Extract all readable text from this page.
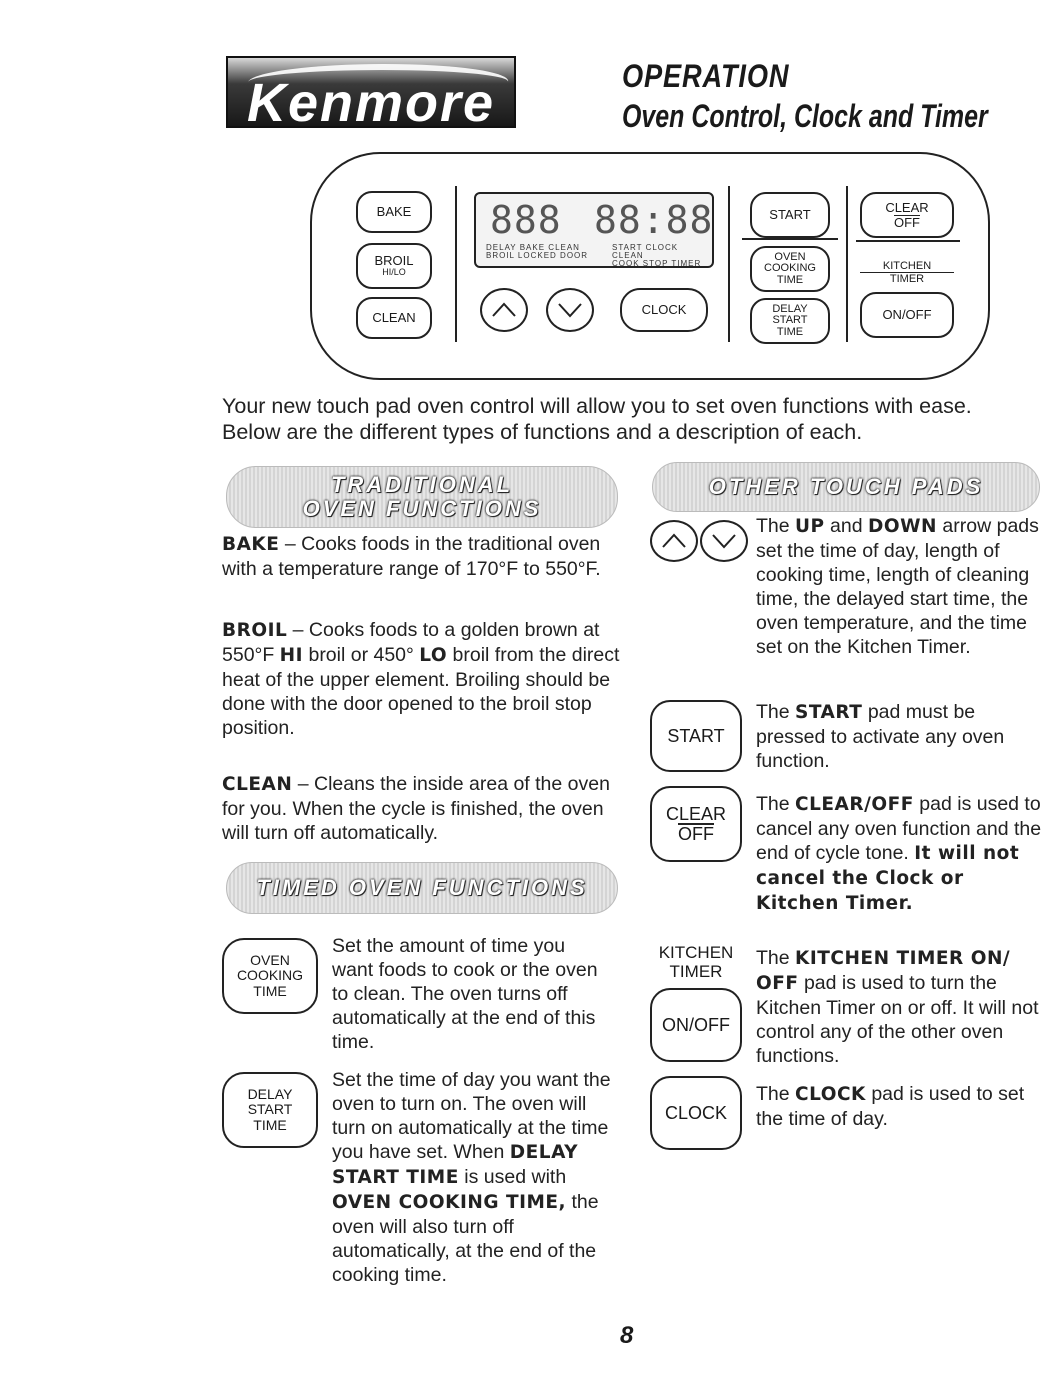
Kenmore	OPERATION
Oven Control, Clock and Timer
BAKE
BROIL
HI/LO
CLEAN
888 88:88
DELAY BAKE CLEAN
BROIL LOCKED DOOR
START CLOCK CLEAN
COOK STOP TIMER
CLOCK
START
OVEN
COOKING
TIME
DELAY
START
TIME
CLEAR
OFF
KITCHEN
TIMER
ON/OFF
Your new touch pad oven control will allow you to set oven functions with ease.
Below are the different types of functions and a description of each.
TRADITIONAL
OVEN FUNCTIONS
BAKE – Cooks foods in the traditional oven with a temperature range of 170°F to 550°F.
BROIL – Cooks foods to a golden brown at 550°F HI broil or 450° LO broil from the direct heat of the upper element. Broiling should be done with the door opened to the broil stop position.
CLEAN – Cleans the inside area of the oven for you. When the cycle is finished, the oven will turn off automatically.
TIMED OVEN FUNCTIONS
OVEN
COOKING
TIME
Set the amount of time you want foods to cook or the oven to clean. The oven turns off automatically at the end of this time.
DELAY
START
TIME
Set the time of day you want the oven to turn on. The oven will turn on automatically at the time you have set. When DELAY START TIME is used with OVEN COOKING TIME, the oven will also turn off automatically, at the end of the cooking time.
OTHER TOUCH PADS
The UP and DOWN arrow pads set the time of day, length of cooking time, length of cleaning time, the delayed start time, the oven temperature, and the time set on the Kitchen Timer.
START
The START pad must be pressed to activate any oven function.
CLEAR
OFF
The CLEAR/OFF pad is used to cancel any oven function and the end of cycle tone. It will not cancel the Clock or Kitchen Timer.
KITCHEN
TIMER
ON/OFF
The KITCHEN TIMER ON/ OFF pad is used to turn the Kitchen Timer on or off. It will not control any of the other oven functions.
CLOCK
The CLOCK pad is used to set the time of day.
8
